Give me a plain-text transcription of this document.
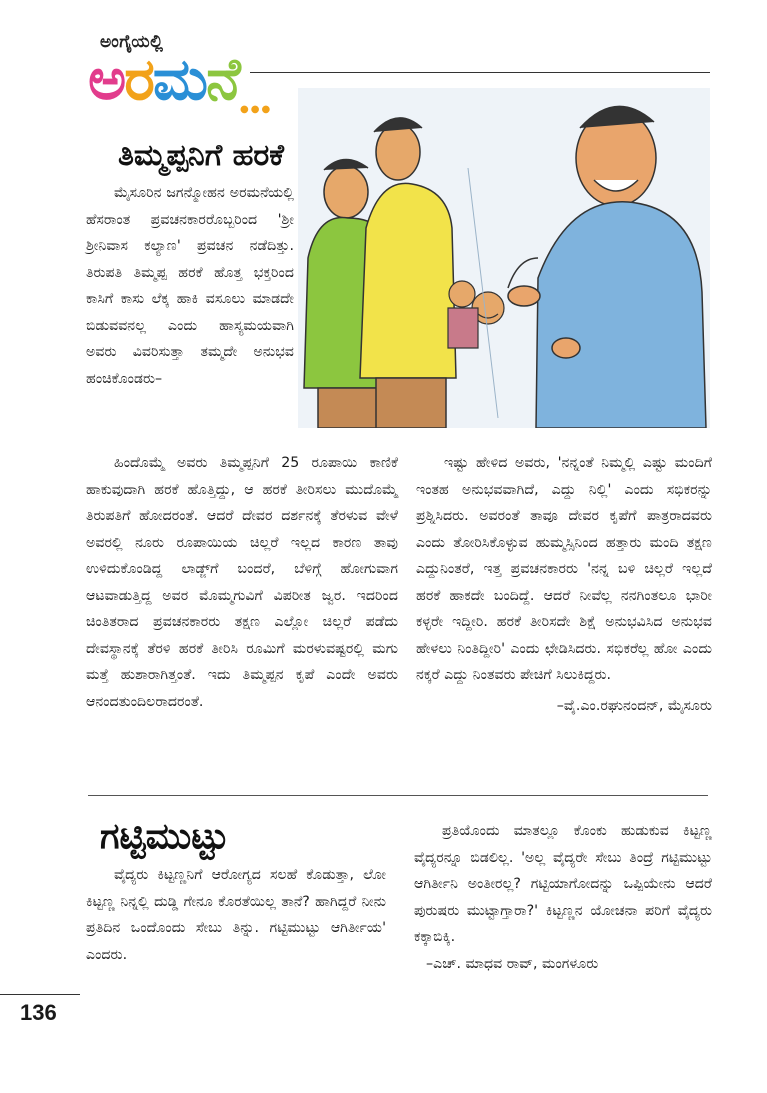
ಅಂಗೈಯಲ್ಲಿ
ಅರಮನೆ ●●●
ತಿಮ್ಮಪ್ಪನಿಗೆ ಹರಕೆ

ಮೈಸೂರಿನ ಜಗನ್ಮೋಹನ ಅರಮನೆಯಲ್ಲಿ ಹೆಸರಾಂತ ಪ್ರವಚನಕಾರರೊಬ್ಬರಿಂದ 'ಶ್ರೀ ಶ್ರೀನಿವಾಸ ಕಲ್ಯಾಣ' ಪ್ರವಚನ ನಡೆದಿತ್ತು. ತಿರುಪತಿ ತಿಮ್ಮಪ್ಪ ಹರಕೆ ಹೊತ್ತ ಭಕ್ತರಿಂದ ಕಾಸಿಗೆ ಕಾಸು ಲೆಕ್ಕ ಹಾಕಿ ವಸೂಲು ಮಾಡದೇ ಬಿಡುವವನಲ್ಲ ಎಂದು ಹಾಸ್ಯಮಯವಾಗಿ ಅವರು ವಿವರಿಸುತ್ತಾ ತಮ್ಮದೇ ಅನುಭವ ಹಂಚಿಕೊಂಡರು–

ಹಿಂದೊಮ್ಮೆ ಅವರು ತಿಮ್ಮಪ್ಪನಿಗೆ 25 ರೂಪಾಯಿ ಕಾಣಿಕೆ ಹಾಕುವುದಾಗಿ ಹರಕೆ ಹೊತ್ತಿದ್ದು, ಆ ಹರಕೆ ತೀರಿಸಲು ಮುದೊಮ್ಮೆ ತಿರುಪತಿಗೆ ಹೋದರಂತೆ. ಆದರೆ ದೇವರ ದರ್ಶನಕ್ಕೆ ತೆರಳುವ ವೇಳೆ ಅವರಲ್ಲಿ ನೂರು ರೂಪಾಯಿಯ ಚಿಲ್ಲರೆ ಇಲ್ಲದ ಕಾರಣ ತಾವು ಉಳಿದುಕೊಂಡಿದ್ದ ಲಾಡ್ಜ್‌ಗೆ ಬಂದರೆ, ಬೆಳಿಗ್ಗೆ ಹೋಗುವಾಗ ಆಟವಾಡುತ್ತಿದ್ದ ಅವರ ಮೊಮ್ಮಗುವಿಗೆ ವಿಪರೀತ ಜ್ವರ. ಇದರಿಂದ ಚಿಂತಿತರಾದ ಪ್ರವಚನಕಾರರು ತಕ್ಷಣ ಎಲ್ಲೋ ಚಿಲ್ಲರೆ ಪಡೆದು ದೇವಸ್ಥಾನಕ್ಕೆ ತೆರಳಿ ಹರಕೆ ತೀರಿಸಿ ರೂಮಿಗೆ ಮರಳುವಷ್ಟರಲ್ಲಿ ಮಗು ಮತ್ತೆ ಹುಶಾರಾಗಿತ್ತಂತೆ. ಇದು ತಿಮ್ಮಪ್ಪನ ಕೃಪೆ ಎಂದೇ ಅವರು ಆನಂದತುಂದಿಲರಾದರಂತೆ.

ಇಷ್ಟು ಹೇಳಿದ ಅವರು, 'ನನ್ನಂತೆ ನಿಮ್ಮಲ್ಲಿ ಎಷ್ಟು ಮಂದಿಗೆ ಇಂತಹ ಅನುಭವವಾಗಿದೆ, ಎದ್ದು ನಿಲ್ಲಿ' ಎಂದು ಸಭಿಕರನ್ನು ಪ್ರಶ್ನಿಸಿದರು. ಅವರಂತೆ ತಾವೂ ದೇವರ ಕೃಪೆಗೆ ಪಾತ್ರರಾದವರು ಎಂದು ತೋರಿಸಿಕೊಳ್ಳುವ ಹುಮ್ಮಸ್ಸಿನಿಂದ ಹತ್ತಾರು ಮಂದಿ ತಕ್ಷಣ ಎದ್ದುನಿಂತರೆ, ಇತ್ತ ಪ್ರವಚನಕಾರರು 'ನನ್ನ ಬಳಿ ಚಿಲ್ಲರೆ ಇಲ್ಲದೆ ಹರಕೆ ಹಾಕದೇ ಬಂದಿದ್ದೆ. ಆದರೆ ನೀವೆಲ್ಲ ನನಗಿಂತಲೂ ಭಾರೀ ಕಳ್ಳರೇ ಇದ್ದೀರಿ. ಹರಕೆ ತೀರಿಸದೇ ಶಿಕ್ಷೆ ಅನುಭವಿಸಿದ ಅನುಭವ ಹೇಳಲು ನಿಂತಿದ್ದೀರಿ' ಎಂದು ಛೇಡಿಸಿದರು. ಸಭಿಕರೆಲ್ಲ ಹೋ ಎಂದು ನಕ್ಕರೆ ಎದ್ದು ನಿಂತವರು ಪೇಚಿಗೆ ಸಿಲುಕಿದ್ದರು.

–ವೈ.ಎಂ.ರಘುನಂದನ್, ಮೈಸೂರು

ಗಟ್ಟಿಮುಟ್ಟು

ವೈದ್ಯರು ಕಿಟ್ಟಣ್ಣನಿಗೆ ಆರೋಗ್ಯದ ಸಲಹೆ ಕೊಡುತ್ತಾ, ಲೋ ಕಿಟ್ಟಣ್ಣ ನಿನ್ನಲ್ಲಿ ದುಡ್ಡಿ ಗೇನೂ ಕೊರತೆಯಿಲ್ಲ ತಾನೆ? ಹಾಗಿದ್ದರೆ ನೀನು ಪ್ರತಿದಿನ ಒಂದೊಂದು ಸೇಬು ತಿನ್ನು. ಗಟ್ಟಿಮುಟ್ಟು ಆಗಿರ್ತೀಯ' ಎಂದರು.

ಪ್ರತಿಯೊಂದು ಮಾತಲ್ಲೂ ಕೊಂಕು ಹುಡುಕುವ ಕಿಟ್ಟಣ್ಣ ವೈದ್ಯರನ್ನೂ ಬಿಡಲಿಲ್ಲ. 'ಅಲ್ಲ ವೈದ್ಯರೇ ಸೇಬು ತಿಂದ್ರೆ ಗಟ್ಟಿಮುಟ್ಟು ಆಗಿರ್ತೀನಿ ಅಂತೀರಲ್ಲ? ಗಟ್ಟಿಯಾಗೋದನ್ನು ಒಪ್ಪಿಯೇನು ಆದರೆ ಪುರುಷರು ಮುಟ್ಟಾಗ್ತಾರಾ?' ಕಿಟ್ಟಣ್ಣನ ಯೋಚನಾ ಪರಿಗೆ ವೈದ್ಯರು ಕಕ್ಕಾಬಿಕ್ಕಿ.

–ಎಚ್. ಮಾಧವ ರಾವ್, ಮಂಗಳೂರು

136
